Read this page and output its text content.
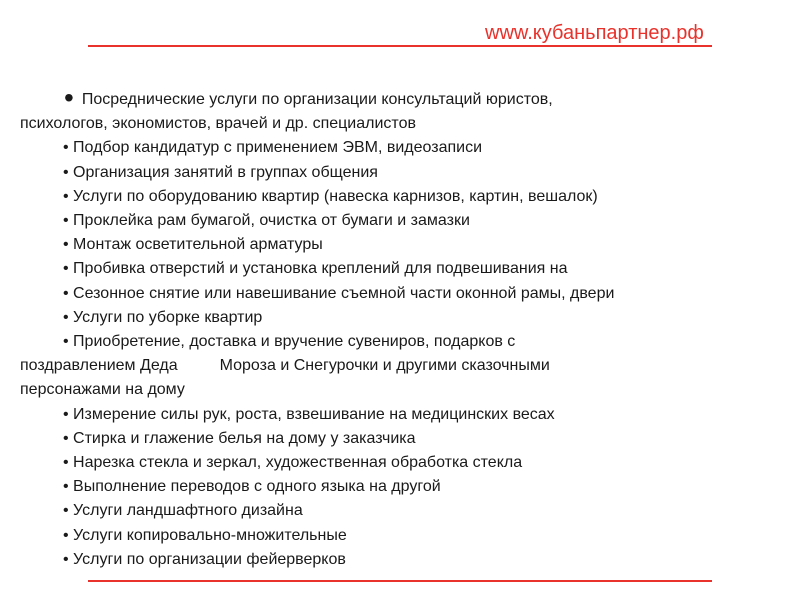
www.кубаньпартнер.рф

• Посреднические услуги по организации консультаций юристов,
психологов, экономистов, врачей и др. специалистов
• Подбор кандидатур с применением ЭВМ, видеозаписи
• Организация занятий в группах общения
• Услуги по оборудованию квартир (навеска карнизов, картин, вешалок)
• Проклейка рам бумагой, очистка от бумаги и замазки
• Монтаж осветительной арматуры
• Пробивка отверстий и установка креплений для подвешивания на
• Сезонное снятие или навешивание съемной части оконной рамы, двери
• Услуги по уборке квартир
• Приобретение, доставка и вручение сувениров, подарков с
поздравлением Деда	Мороза и Снегурочки и другими сказочными
персонажами на дому
• Измерение силы рук, роста, взвешивание на медицинских весах
• Стирка и глажение белья на дому у заказчика
• Нарезка стекла и зеркал, художественная обработка стекла
• Выполнение переводов с одного языка на другой
• Услуги ландшафтного дизайна
• Услуги копировально-множительные
• Услуги по организации фейерверков
